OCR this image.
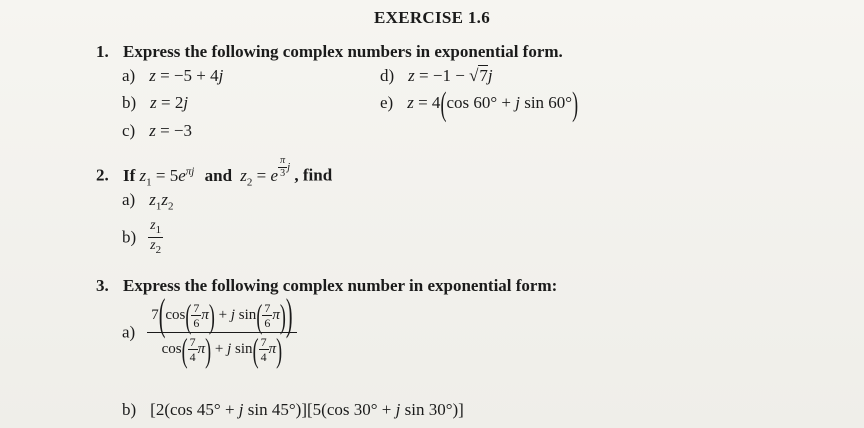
EXERCISE 1.6
1. Express the following complex numbers in exponential form.
a) z = −5 + 4j	d) z = −1 − √7j
b) z = 2j	e) z = 4(cos 60° + j sin 60°)
c) z = −3
2. If $z_1 = 5e^{\pi j}$ and $z_2 = e$ $^{\frac{\pi}{3} j}$ , find
a) $z_1z_2$
$b) \frac{z_1}{z_2}$
3. Express the following complex number in exponential form:
$a) \frac{7(\cos( \frac{7}{6} \pi) + j \sin( \frac{7}{6} \pi))}{\cos( \frac{7}{4} \pi) + j \sin( \frac{7}{4} \pi)}$
b) [2(cos 45° + j sin 45°)][5(cos 30° + j sin 30°)]
